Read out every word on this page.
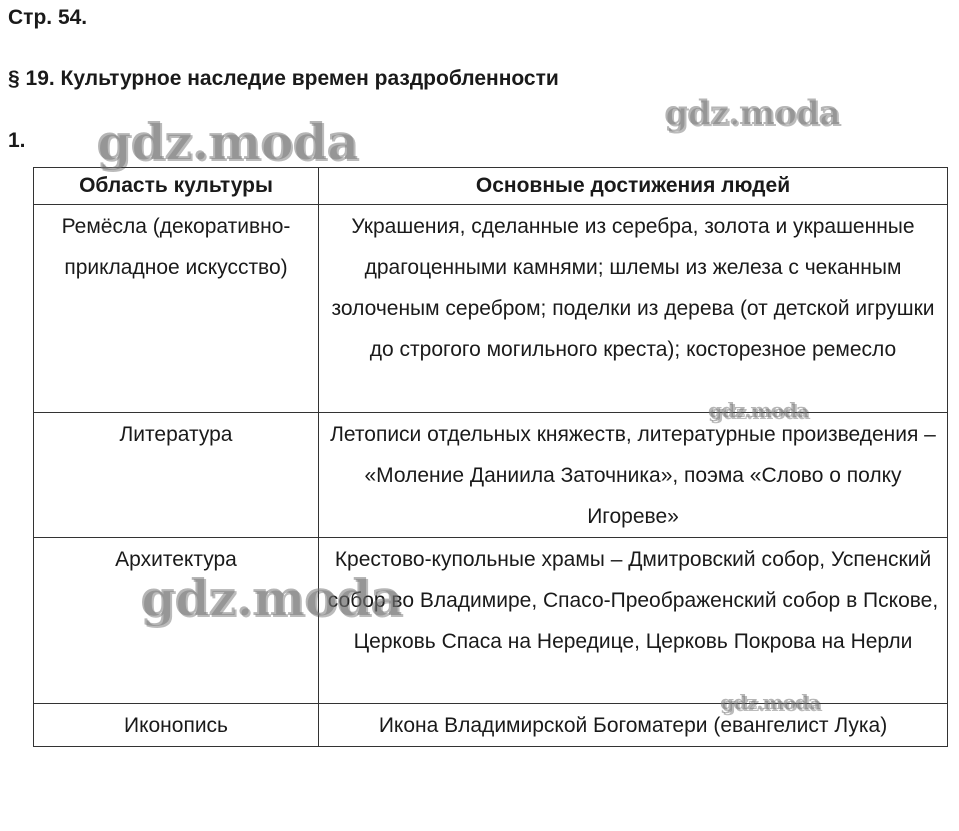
Стр. 54.

§ 19. Культурное наследие времен раздробленности

1.

Область культуры	Основные достижения людей
Ремёсла (декоративно-прикладное искусство)	Украшения, сделанные из серебра, золота и украшенные драгоценными камнями; шлемы из железа с чеканным золоченым серебром; поделки из дерева (от детской игрушки до строгого могильного креста); косторезное ремесло
Литература	Летописи отдельных княжеств, литературные произведения – «Моление Даниила Заточника», поэма «Слово о полку Игореве»
Архитектура	Крестово-купольные храмы – Дмитровский собор, Успенский собор во Владимире, Спасо-Преображенский собор в Пскове, Церковь Спаса на Нередице, Церковь Покрова на Нерли
Иконопись	Икона Владимирской Богоматери (евангелист Лука)
gdz.moda	gdz.moda
gdz.moda
gdz.moda
gdz.moda
